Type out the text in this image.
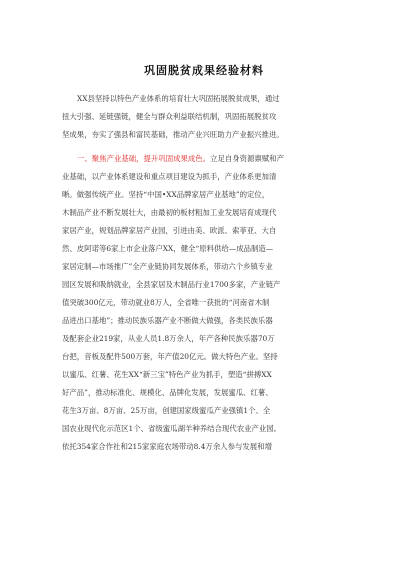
巩固脱贫成果经验材料
XX县坚持以特色产业体系的培育壮大巩固拓展脱贫成果，通过
扭大引强、延链强链，健全与群众利益联结机制，巩固拓展脱贫攻
坚成果，夯实了强县和富民基础，推动产业兴旺助力产业振兴推进。
一、聚焦产业基础，提升巩固成果成色。立足自身资源禀赋和产
业基础，以产业体系建设和重点项目建设为抓手，产业体系更加清
晰。做强传统产业。坚持“中国•XX品牌家居产业基地”的定位，
木制品产业不断发展壮大，由最初的板材粗加工业发展培育成现代
家居产业，规划品牌家居产业园，引进由美、欧派、索菲亚、大自
然、皮阿诺等6家上市企业落户XX，健全“原料供给—成品制造—
家居定制—市场推广”全产业链协同发展体系，带动六个乡镇专业
园区发展和吸纳就业，全县家居及木制品行业1700多家，产业链产
值突破300亿元，带动就业8万人，全省唯一获批的“河南省木制
品进出口基地”；推动民族乐器产业不断做大做强，各类民族乐器
及配套企业219家，从业人员1.8万余人，年产各种民族乐器70万
台把，音板及配件500万套，年产值20亿元。做大特色产业。坚持
以蜜瓜、红薯、花生XX“新三宝”特色产业为抓手，塑造“拼搏XX
好产品”，推动标准化、规模化、品牌化发展，发展蜜瓜、红薯、
花生3万亩、8万亩、25万亩，创建国家级蜜瓜产业强镇1个、全
国农业现代化示范区1个、省级蜜瓜湖羊种养结合现代农业产业园。
依托354家合作社和215家家庭农场带动8.4万余人参与发展和增
